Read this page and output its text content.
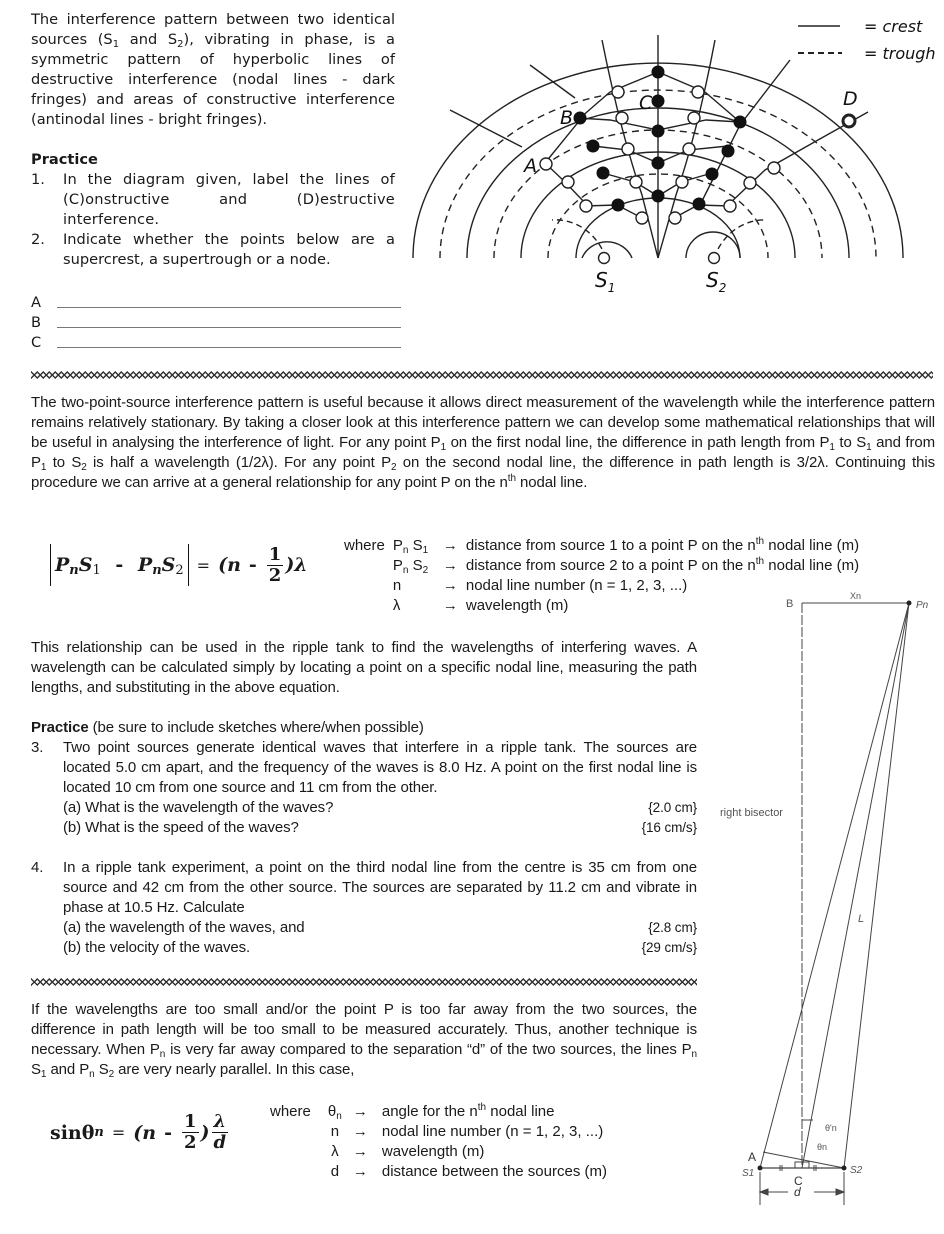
The interference pattern between two identical sources ($S_1$ and $S_2$), vibrating in phase, is a symmetric pattern of hyperbolic lines of destructive interference (nodal lines - dark fringes) and areas of constructive interference (antinodal lines - bright fringes).
Practice
1.	In the diagram given, label the lines of (C)onstructive and (D)estructive interference.
2.	Indicate whether the points below are a supercrest, a supertrough or a node.
A
B
C
= crest
= trough
A
B
C	D
$S_1$	$S_2$
The two-point-source interference pattern is useful because it allows direct measurement of the wavelength while the interference pattern remains relatively stationary. By taking a closer look at this interference pattern we can develop some mathematical relationships that will be useful in analysing the interference of light. For any point $P_1$ on the first nodal line, the difference in path length from $P_1$ to $S_1$ and from $P_1$ to $S_2$ is half a wavelength (1/2λ). For any point $P_2$ on the second nodal line, the difference in path length is 3/2λ. Continuing this procedure we can arrive at a general relationship for any point P on the $n^{th}$ nodal line.
$P_nS_1 - P_nS_2 = (n - \frac{1}{2} )\lambda$
where	$P_n$ $S_1$	→	distance from source 1 to a point P on the $n^{th}$ nodal line (m)
	$P_n$ $S_2$	→	distance from source 2 to a point P on the $n^{th}$ nodal line (m)
	n	→	nodal line number (n = 1, 2, 3, ...)
	λ	→	wavelength (m)
This relationship can be used in the ripple tank to find the wavelengths of interfering waves. A wavelength can be calculated simply by locating a point on a specific nodal line, measuring the path lengths, and substituting in the above equation.
Practice (be sure to include sketches where/when possible)
3.	Two point sources generate identical waves that interfere in a ripple tank. The sources are located 5.0 cm apart, and the frequency of the waves is 8.0 Hz. A point on the first nodal line is located 10 cm from one source and 11 cm from the other.
(a) What is the wavelength of the waves?	{2.0 cm}
(b) What is the speed of the waves?	{16 cm/s}
4.	In a ripple tank experiment, a point on the third nodal line from the centre is 35 cm from one source and 42 cm from the other source. The sources are separated by 11.2 cm and vibrate in phase at 10.5 Hz. Calculate
(a) the wavelength of the waves, and	{2.8 cm}
(b) the velocity of the waves.	{29 cm/s}
If the wavelengths are too small and/or the point P is too far away from the two sources, the difference in path length will be too small to be measured accurately. Thus, another technique is necessary. When $P_n$ is very far away compared to the separation “d” of the two sources, the lines $P_n$ $S_1$ and $P_n$ $S_2$ are very nearly parallel. In this case,
sinθ $n = (n - \frac{1}{2}$ ) $\frac{\lambda}{d}$
where	$\theta_n$	→	angle for the $n^{th}$ nodal line
	n	→	nodal line number (n = 1, 2, 3, ...)
	λ	→	wavelength (m)
	d	→	distance between the sources (m)
B
Xn
Pn
right bisector
L
θ'n
θn
A
S1	S2
C
d
